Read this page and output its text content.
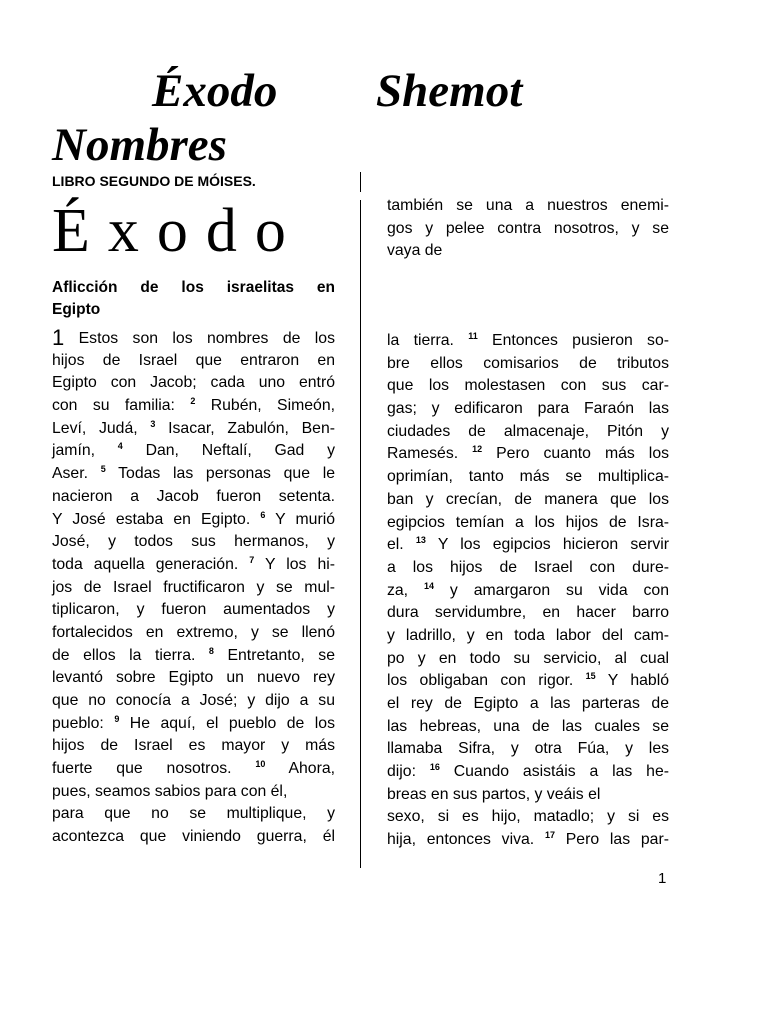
Éxodo Shemot
Nombres
LIBRO SEGUNDO DE MÓISES.
Éxodo
Aflicción de los israelitas en
Egipto
1 Estos son los nombres de los
hijos de Israel que entraron en
Egipto con Jacob; cada uno entró
con su familia: $^2$ Rubén, Simeón,
Leví, Judá, $^3$ Isacar, Zabulón, Ben-
jamín,	$^4$ Dan, Neftalí, Gad y
Aser. $^5$ Todas las personas que le
nacieron a Jacob fueron setenta.
Y José estaba en Egipto. $^6$ Y murió
José, y todos sus hermanos, y
toda aquella generación. $^7$ Y los hi-
jos de Israel fructificaron y se mul-
tiplicaron, y fueron aumentados y
fortalecidos en extremo, y se llenó
de ellos la tierra. $^8$ Entretanto, se
levantó sobre Egipto un nuevo rey
que no conocía a José; y dijo a su
pueblo: $^9$ He aquí, el pueblo de los
hijos de Israel es mayor y más
fuerte que nosotros.	$^{10}$ Ahora,
pues, seamos sabios para con él,
para que no se multiplique, y
acontezca que viniendo guerra, él
también se una a nuestros enemi-
gos y pelee contra nosotros, y se
vaya de
la tierra. $^{11}$ Entonces pusieron so-
bre ellos comisarios de tributos
que los molestasen con sus car-
gas; y edificaron para Faraón las
ciudades de almacenaje, Pitón y
Ramesés. $^{12}$ Pero cuanto más los
oprimían, tanto más se multiplica-
ban y crecían, de manera que los
egipcios temían a los hijos de Isra-
el. $^{13}$ Y los egipcios hicieron servir
a los hijos de Israel con dure-
za, $^{14}$ y amargaron su vida con
dura servidumbre, en hacer barro
y ladrillo, y en toda labor del cam-
po y en todo su servicio, al cual
los obligaban con rigor. $^{15}$ Y habló
el rey de Egipto a las parteras de
las hebreas, una de las cuales se
llamaba Sifra, y otra Fúa, y les
dijo: $^{16}$ Cuando asistáis a las he-
breas en sus partos, y veáis el
sexo, si es hijo, matadlo; y si es
hija, entonces viva. $^{17}$ Pero las par-
1
